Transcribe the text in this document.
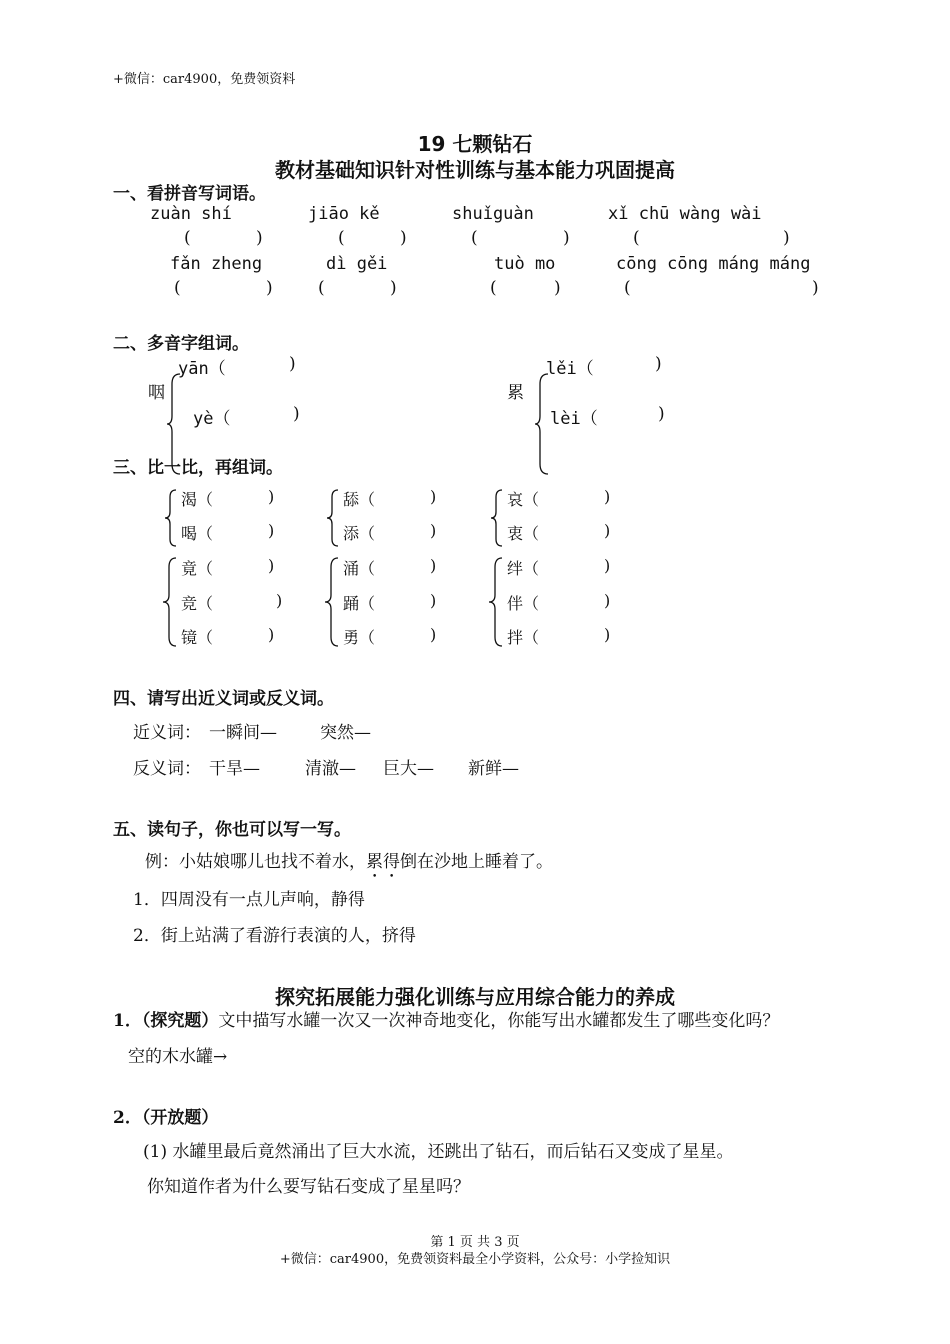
+微信：car4900，免费领资料
19 七颗钻石
教材基础知识针对性训练与基本能力巩固提高
一、看拼音写词语。
zuàn shí	jiāo kě	shuǐguàn	xǐ chū wàng wài
(	)	(	)	(	)	(	)
fǎn zheng	dì gěi	tuò mo	cōng cōng máng máng
(	)	(	)	(	)	(	)
二、多音字组词。
yān（	)
咽
yè（	)
lěi（	)
累
lèi（	)
三、比一比，再组词。
渴（	)
喝（	)
舔（	)
添（	)
哀（	)
衷（	)
竟（	)
竞（	)
镜（	)
涌（	)
踊（	)
勇（	)
绊（	)
伴（	)
拌（	)
四、请写出近义词或反义词。
近义词： 一瞬间—	突然—
反义词： 干旱—	清澈— 巨大— 新鲜—
五、读句子，你也可以写一写。
例：小姑娘哪儿也找不着水，累得倒在沙地上睡着了。
1．四周没有一点儿声响，静得
2．街上站满了看游行表演的人，挤得
探究拓展能力强化训练与应用综合能力的养成
1．（探究题）文中描写水罐一次又一次神奇地变化，你能写出水罐都发生了哪些变化吗？
空的木水罐→
2．（开放题）
(1) 水罐里最后竟然涌出了巨大水流，还跳出了钻石，而后钻石又变成了星星。
你知道作者为什么要写钻石变成了星星吗？
第 1 页 共 3 页
+微信：car4900，免费领资料最全小学资料，公众号：小学捡知识
